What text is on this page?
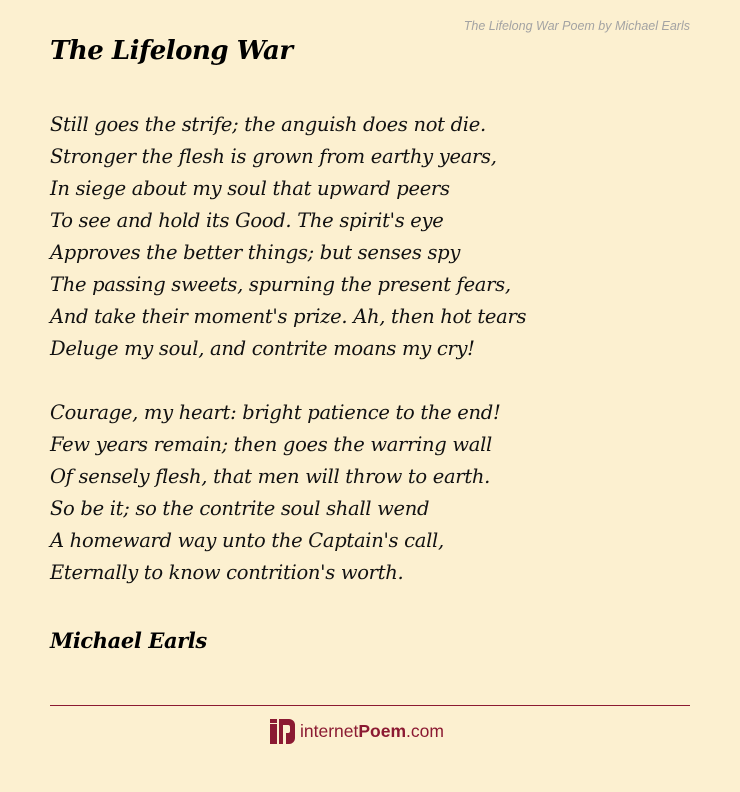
The Lifelong War Poem by Michael Earls
The Lifelong War
Still goes the strife; the anguish does not die.
Stronger the flesh is grown from earthy years,
In siege about my soul that upward peers
To see and hold its Good. The spirit's eye
Approves the better things; but senses spy
The passing sweets, spurning the present fears,
And take their moment's prize. Ah, then hot tears
Deluge my soul, and contrite moans my cry!
Courage, my heart: bright patience to the end!
Few years remain; then goes the warring wall
Of sensely flesh, that men will throw to earth.
So be it; so the contrite soul shall wend
A homeward way unto the Captain's call,
Eternally to know contrition's worth.
Michael Earls
internetPoem.com
